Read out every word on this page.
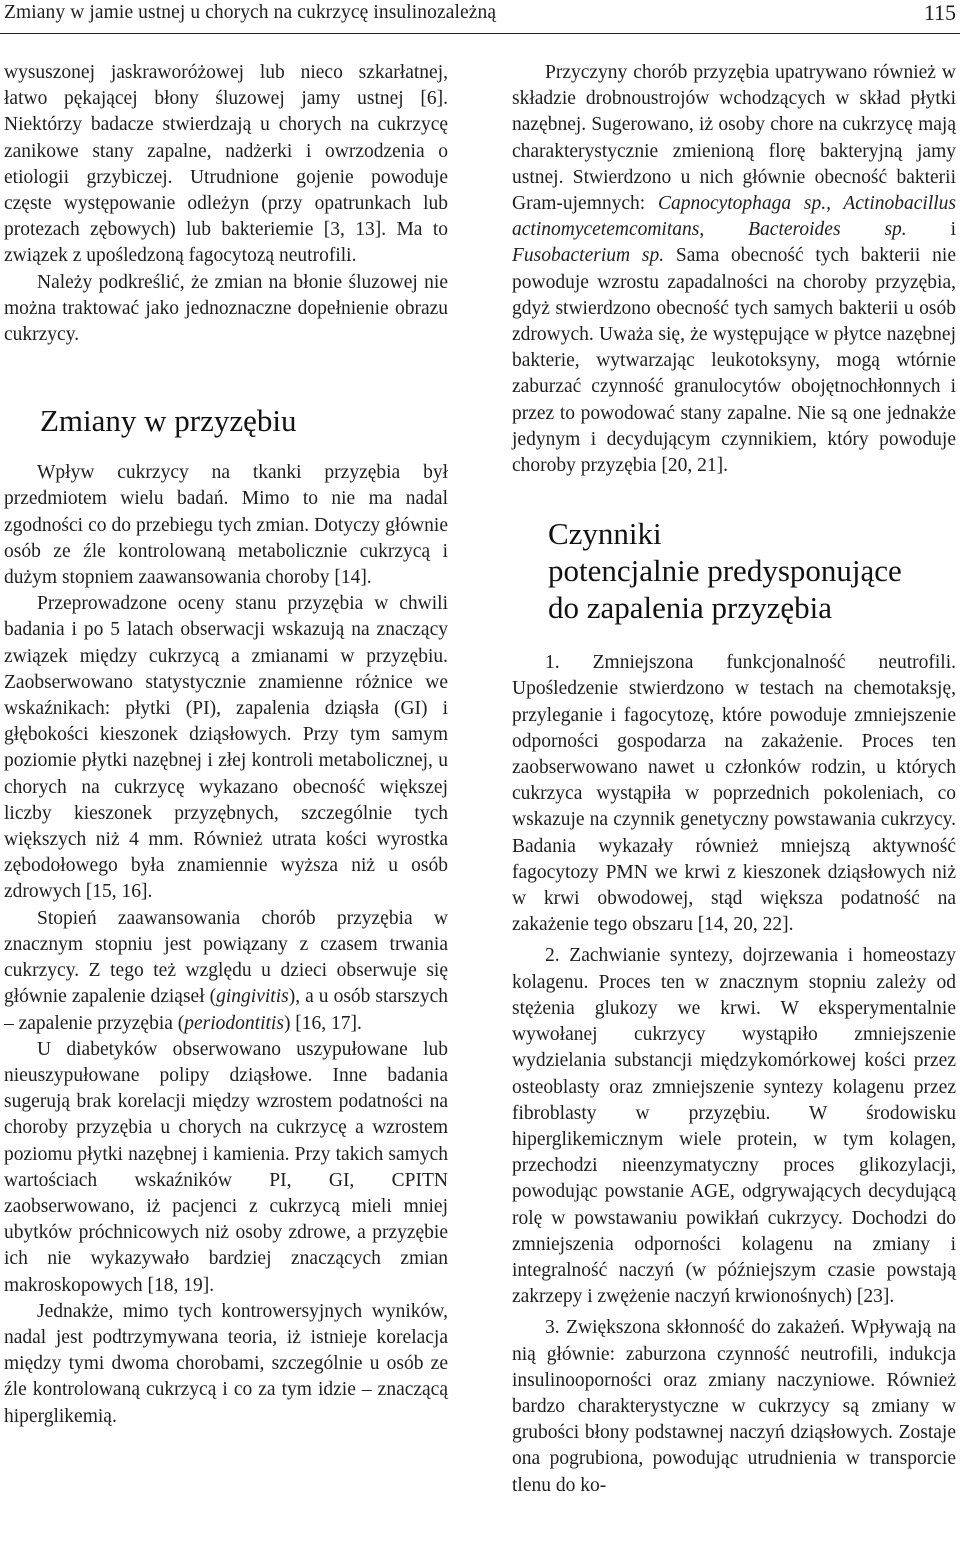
Zmiany w jamie ustnej u chorych na cukrzycę insulinozależną	115

wysuszonej jaskraworóżowej lub nieco szkarłatnej, łatwo pękającej błony śluzowej jamy ustnej [6]. Niektórzy badacze stwierdzają u chorych na cukrzycę zanikowe stany zapalne, nadżerki i owrzodzenia o etiologii grzybiczej. Utrudnione gojenie powoduje częste występowanie odleżyn (przy opatrunkach lub protezach zębowych) lub bakteriemie [3, 13]. Ma to związek z upośledzoną fagocytozą neutrofili.

Należy podkreślić, że zmian na błonie śluzowej nie można traktować jako jednoznaczne dopełnienie obrazu cukrzycy.

Zmiany w przyzębiu

Wpływ cukrzycy na tkanki przyzębia był przedmiotem wielu badań. Mimo to nie ma nadal zgodności co do przebiegu tych zmian. Dotyczy głównie osób ze źle kontrolowaną metabolicznie cukrzycą i dużym stopniem zaawansowania choroby [14].

Przeprowadzone oceny stanu przyzębia w chwili badania i po 5 latach obserwacji wskazują na znaczący związek między cukrzycą a zmianami w przyzębiu. Zaobserwowano statystycznie znamienne różnice we wskaźnikach: płytki (PI), zapalenia dziąsła (GI) i głębokości kieszonek dziąsłowych. Przy tym samym poziomie płytki nazębnej i złej kontroli metabolicznej, u chorych na cukrzycę wykazano obecność większej liczby kieszonek przyzębnych, szczególnie tych większych niż 4 mm. Również utrata kości wyrostka zębodołowego była znamiennie wyższa niż u osób zdrowych [15, 16].

Stopień zaawansowania chorób przyzębia w znacznym stopniu jest powiązany z czasem trwania cukrzycy. Z tego też względu u dzieci obserwuje się głównie zapalenie dziąseł (gingivitis), a u osób starszych – zapalenie przyzębia (periodontitis) [16, 17].

U diabetyków obserwowano uszypułowane lub nieuszypułowane polipy dziąsłowe. Inne badania sugerują brak korelacji między wzrostem podatności na choroby przyzębia u chorych na cukrzycę a wzrostem poziomu płytki nazębnej i kamienia. Przy takich samych wartościach wskaźników PI, GI, CPITN zaobserwowano, iż pacjenci z cukrzycą mieli mniej ubytków próchnicowych niż osoby zdrowe, a przyzębie ich nie wykazywało bardziej znaczących zmian makroskopowych [18, 19].

Jednakże, mimo tych kontrowersyjnych wyników, nadal jest podtrzymywana teoria, iż istnieje korelacja między tymi dwoma chorobami, szczególnie u osób ze źle kontrolowaną cukrzycą i co za tym idzie – znaczącą hiperglikemią.

Przyczyny chorób przyzębia upatrywano również w składzie drobnoustrojów wchodzących w skład płytki nazębnej. Sugerowano, iż osoby chore na cukrzycę mają charakterystycznie zmienioną florę bakteryjną jamy ustnej. Stwierdzono u nich głównie obecność bakterii Gram-ujemnych: Capnocytophaga sp., Actinobacillus actinomycetemcomitans, Bacteroides sp. i Fusobacterium sp. Sama obecność tych bakterii nie powoduje wzrostu zapadalności na choroby przyzębia, gdyż stwierdzono obecność tych samych bakterii u osób zdrowych. Uważa się, że występujące w płytce nazębnej bakterie, wytwarzając leukotoksyny, mogą wtórnie zaburzać czynność granulocytów obojętnochłonnych i przez to powodować stany zapalne. Nie są one jednakże jedynym i decydującym czynnikiem, który powoduje choroby przyzębia [20, 21].

Czynniki
potencjalnie predysponujące
do zapalenia przyzębia

1. Zmniejszona funkcjonalność neutrofili. Upośledzenie stwierdzono w testach na chemotaksję, przyleganie i fagocytozę, które powoduje zmniejszenie odporności gospodarza na zakażenie. Proces ten zaobserwowano nawet u członków rodzin, u których cukrzyca wystąpiła w poprzednich pokoleniach, co wskazuje na czynnik genetyczny powstawania cukrzycy. Badania wykazały również mniejszą aktywność fagocytozy PMN we krwi z kieszonek dziąsłowych niż w krwi obwodowej, stąd większa podatność na zakażenie tego obszaru [14, 20, 22].

2. Zachwianie syntezy, dojrzewania i homeostazy kolagenu. Proces ten w znacznym stopniu zależy od stężenia glukozy we krwi. W eksperymentalnie wywołanej cukrzycy wystąpiło zmniejszenie wydzielania substancji międzykomórkowej kości przez osteoblasty oraz zmniejszenie syntezy kolagenu przez fibroblasty w przyzębiu. W środowisku hiperglikemicznym wiele protein, w tym kolagen, przechodzi nieenzymatyczny proces glikozylacji, powodując powstanie AGE, odgrywających decydującą rolę w powstawaniu powikłań cukrzycy. Dochodzi do zmniejszenia odporności kolagenu na zmiany i integralność naczyń (w późniejszym czasie powstają zakrzepy i zwężenie naczyń krwionośnych) [23].

3. Zwiększona skłonność do zakażeń. Wpływają na nią głównie: zaburzona czynność neutrofili, indukcja insulinooporności oraz zmiany naczyniowe. Również bardzo charakterystyczne w cukrzycy są zmiany w grubości błony podstawnej naczyń dziąsłowych. Zostaje ona pogrubiona, powodując utrudnienia w transporcie tlenu do ko-
